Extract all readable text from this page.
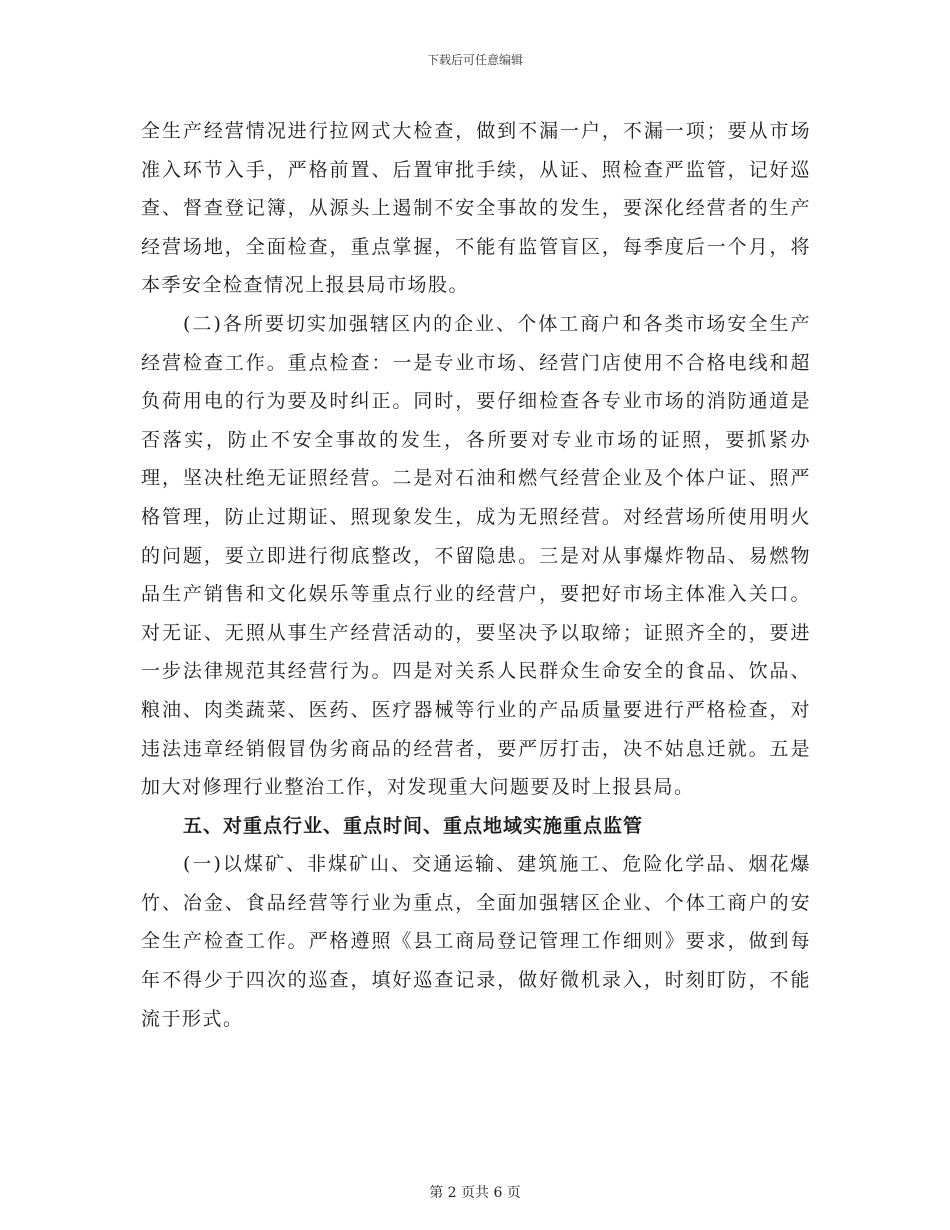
下载后可任意编辑

全生产经营情况进行拉网式大检查，做到不漏一户，不漏一项；要从市场准入环节入手，严格前置、后置审批手续，从证、照检查严监管，记好巡查、督查登记簿，从源头上遏制不安全事故的发生，要深化经营者的生产经营场地，全面检查，重点掌握，不能有监管盲区，每季度后一个月，将本季安全检查情况上报县局市场股。

(二)各所要切实加强辖区内的企业、个体工商户和各类市场安全生产经营检查工作。重点检查：一是专业市场、经营门店使用不合格电线和超负荷用电的行为要及时纠正。同时，要仔细检查各专业市场的消防通道是否落实，防止不安全事故的发生，各所要对专业市场的证照，要抓紧办理，坚决杜绝无证照经营。二是对石油和燃气经营企业及个体户证、照严格管理，防止过期证、照现象发生，成为无照经营。对经营场所使用明火的问题，要立即进行彻底整改，不留隐患。三是对从事爆炸物品、易燃物品生产销售和文化娱乐等重点行业的经营户，要把好市场主体准入关口。对无证、无照从事生产经营活动的，要坚决予以取缔；证照齐全的，要进一步法律规范其经营行为。四是对关系人民群众生命安全的食品、饮品、粮油、肉类蔬菜、医药、医疗器械等行业的产品质量要进行严格检查，对违法违章经销假冒伪劣商品的经营者，要严厉打击，决不姑息迁就。五是加大对修理行业整治工作，对发现重大问题要及时上报县局。

五、对重点行业、重点时间、重点地域实施重点监管

(一)以煤矿、非煤矿山、交通运输、建筑施工、危险化学品、烟花爆竹、冶金、食品经营等行业为重点，全面加强辖区企业、个体工商户的安全生产检查工作。严格遵照《县工商局登记管理工作细则》要求，做到每年不得少于四次的巡查，填好巡查记录，做好微机录入，时刻盯防，不能流于形式。

第 2 页共 6 页
